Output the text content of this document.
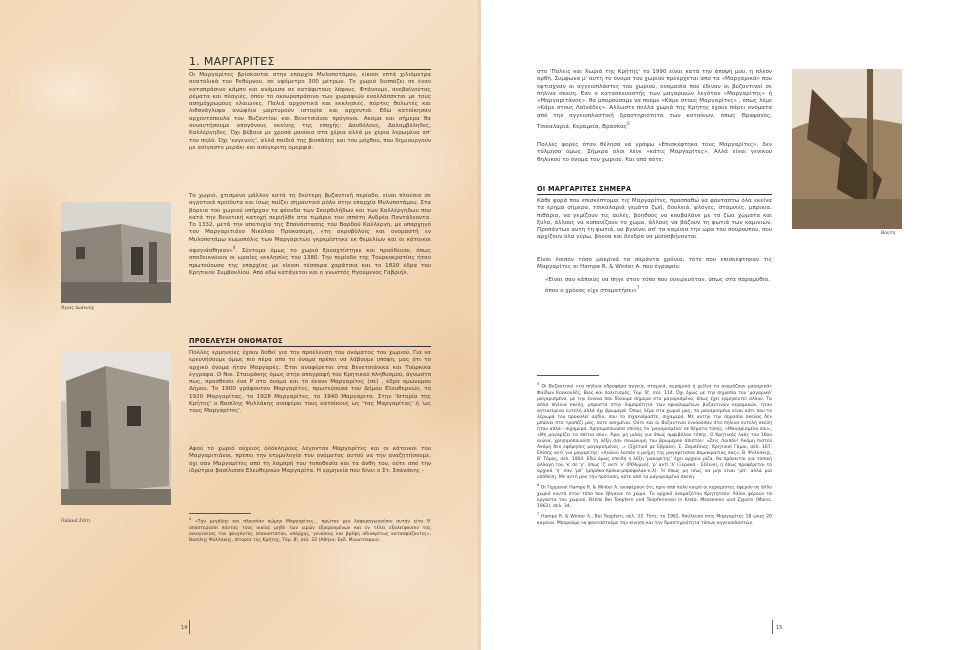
1. ΜΑΡΓΑΡΙΤΕΣ

Οι Μαργαρίτες βρίσκονται στην επαρχία Μυλοποτάμου, είκοσι επτά χιλιόμετρα ανατολικά του Ρεθύμνου, σε υψόμετρο 300 μέτρων. Το χωριό δεσπόζει σε έναν καταπράσινο κάμπο και ανάμεσα σε κατάφυτους λόφους. Φτάνουμε, ανεβαίνοντας ρέματα και πλαγιές, όπου το οκουροπράσινο των χωραφιών εναλλάσσεται με τους ασημόχρωμους ελαιώνες. Παλιά αρχοντικά και εκκλησιές, πόρτες θολωτές και λιθανάγλυφα ανώφλια μαρτυρούν ιστορία και αρχοντιά. Εδώ κατοίκησαν αρχοντόπουλα του Βυζαντίου και Βενετσιάνοι πρόγονοι. Ακόμα και σήμερα θα συναντήσουμε απογόνους εκείνης της εποχής: Δανδόλους, Δαλαμβέληδες, Καλλέργηδες. Όχι βέβαια με χρυσά μανίκια στα χέρια αλλά με χέρια λερωμένα απ' τον πηλό. Όχι 'ευγενείς', αλλά παιδιά της βιοπάλης και του μόχθου, που δημιουργούν με ασίγαστο μεράκι και ασύγκριτη ομορφιά.

Το χωριό, χτισμένο μάλλον κατά τη δεύτερη βυζαντινή περίοδο, είναι πλούσιο σε αγροτικά προϊόντα και ίσως παίζει σημαντικό ρόλο στην επαρχία Μυλοποτάμου. Στα βόρεια του χωριού υπήρχαν τα φέουδα των Σκορδιλήδων και των Καλλέργηδων που κατά την Βενετική κατοχή περιήλθε στο τιμάριο του ιππότη Ανδρέα Παντάλεοντα. Το 1332, μετά την αποτυχία της Επανάστασης του Βαρδού Καλλέργη, με υπαρχηγό τον Μαργαριτιάνο Νικόλαο Προκοσύρη, «τη ακροβόλοις και ονομαστή εν Μυλοποτάμω κωμοπόλις των Μαργαριτών γκρεμίστηκε εκ θεμελίων και οι κάτοικοι σφαγιάσθηκαν»$^4$. Σύντομα όμως το χωριό ξαναχτίστηκε και προόδευσε, όπως αποδεικνύουν οι ωραίες εκκλησίες του 1380. Την περίοδο της Τουρκοκρατίας ήταν πρωτεύουσα της επαρχίας με είκοσι τέσσερα χαράτσια και το 1820 έδρα του Κρητικού Συμβουλίου. Από εδώ κατάγεται και ο γνωστός Ηγούμενος Γαβριήλ.

Άγιος Ιωάννης
ΠΡΟΕΛΕΥΣΗ ΟΝΟΜΑΤΟΣ

Πολλές ερμηνείες έχουν δοθεί για την προέλευση του ονόματος του χωριού. Για να ερευνήσουμε όμως πιο πέρα από το όνομα πρέπει να λάβουμε υπόψη, μας ότι το αρχικό όνομα ήταν Μαργαρές. Έτσι αναφέρεται στα Βενετσιάνικα και Τούρκικα έγγραφα. Ο Νικ. Σταυράκης όμως στην απογραφή του Κρητικού πληθυσμού, άγνωστο πως, προσθέσει ένα Ρ στο όνομα και το έκανε Μαργαρίτες (σε) , έδρα ομώνυμου Δήμου. Το 1900 γράφονταν Μαργαρίτες, πρωτεύουσα του Δήμου Ελευθερνών, το 1920 Μαργαρίτας, το 1928 Μαργαρίτες, το 1940 Μαργαριτα. Στην 'Ιστορία της Κρήτης' ο Βασίλης Ψυλλάκης αναφέρει τους κατοίκους ως 'τας Μαργαρίτας' ή 'ως τους Μαργαρίτες'.

Αφού το χωριό ούχειος ολόκληρους λέγονταν Μαργαρίτες και οι κάτοικοι του Μαργαριτιάνοι, πρέπει την ετυμολογία του ονόματος αυτού να την αναζητήσουμε, όχι σαν Μαργαρίτες από τη λαμπρή του τοποθεσία και τα άνθη του, ούτε από την ιδρύτρια βασίλισσα Ελευθερνών Μαργαρίτα. Η ερμηνεία που δίνει ο Στ. Σπανάκης -

Παλαιό Σπίτι	$^4$ «Την μεγάλην και πλουσίαν κώμην Μαργαρίτες... πρώτον μεν λαφυραγωγούσιν αυτήν είτα δ' αποστερούσι πάντας τους οικίας μηδέ των ιερών εξαιρουμένων και εν τέλει εξαλείφουσιν τας οικογενείας του φευγόντος επαναστάτου, υπάρχης, γυναίκας και βρέφη αδιακρίτως κατασφάζοντες», Βασίλης Ψυλλάκης, Ιστορία της Κρήτης, Τόμ. Β', σελ. 22 (Αθήνα: Εκδ. Μινωτσαρου).

14

στο 'Πόλεις και Χωριά της Κρήτης' το 1990 είναι κατά την άποψή μου, η πλέον ορθή. Συμφωνα μ' αυτή το όνομα του χωριού προέρχεται απο τα «Μαργαρικά» που εφτιαχναν οι αγγειοπλάστες του χωριού, ονομασία που έδιναν οι βυζαντινοί σε πήλινα σκεύη. Εαν ο κατασκευαστής των μαγαρικών λεγόταν «Μαργαρίτης» ή «Μαργαριτάνος», θα μπορούσαμε να πούμε «Κάμε στους Μαργαρίτες» , όπως λέμε «Κάμε στους Λαϊνάδες». Αλλωστε πολλά χωριά της Κρήτης έχουν πάρει ονόματα από την αγγειοπλαστική δραστηριότητα των κατοίκων, όπως Θραψανός, Τσικαλαριά, Κεραμεία, Βρασκας$^6$

Πολλές φορές όταν θέλησα να γράψω «Επισκέφτηκα τους Μαργαρίτες», δεν τόλμησα όμως. Σήμερα όλοι λένε «κάτις Μαργαρίτες». Αλλά είναι γενικού θηλυκού το όνομα του χωριού. Και από πότε;

ΟΙ ΜΑΡΓΑΡΙΤΕΣ ΣΗΜΕΡΑ

Κάθε φορά που επισκέπτομαι τις Μαργαρίτες, προσπαθώ να φανταστώ όλα εκείνα τα έρημα σήμερα, τσικαλαριά γεμάτα ζωή, δουλειά, φλόγες, σταμνιες, μπρικια, πιθάρια, να γεμίζουν τις αυλές, βοηθούς να κουβαλάνε με τα ζώα χώματα και ξύλα, άλλους να κοπανίζουν το χώμα, άλλους να βάζουν τη φωτιά των καμινιών. Προπάντων αυτή τη φωτιά, να βγαίνει απ' τα καμίνια την ώρα του σούρουπου, που αρχίζουν όλα γύρω, βουνα και δένδρα να μισοσβήνονται.

Είναι λοιπόν τόσο μακρινά τα σαράντα χρόνια; τότε που επισκέφτηκαν τις Μαργαρίτες οι Hampe R. & Winter A. που έγραψαν:

«Είναι σαν κάποιος να πηγε στον τόπο που ονειρευόταν, όπως στα παραμύθια, όπου ο χρόνος είχε σταματήσει»$^7$

Βούτη

$^5$ Οι Βυζαντινοί «τα πήλινα υδροφόρα αγγεία, σταμνιά, κεραμικά ή χείλια τα ονομάζουν μαγαρικά» Φαίδων Κουκουλές, Βίος και πολιτισμός, Τομ. Β', σελ. 114. Όχι όμως με την σημασία του 'μαγαρικό' μαγαρισμένο, με την έννοια που δίνουμε σήμερα στο μαγαρισμένο, όπως έχει ερμηνευτεί αλλού. Τα απλά πήλινα σκεύη, μπροστά στην λαμπρότητα των εφυαλωμένων βυζαντινών κεραμικών, ήταν αντικείμενα ευτελή αλλά όχι βρωμερά. Όπως λέμε στα χωριά μας, το μαγαρισμένο είναι κάτι που το λέρωμά του προκαλεί αηδία, που το σιχαινόμαστε, σιχαμερό. Με αυτήν την σημασία σκεύος δεν μπαίνει στο τραπέζι μας, ούτε ασημένιο. Ούτε και οι Βυζαντινοί εννοούσαν στα πήλινα ευτελή σκεύη ήταν απλά - σιχαμερά. Χρησιμοποιούσε επίσης το 'μαγαρισμένο' σε θέματα τύπης: «Μαγαρισμένο σου», «Μη μαγαρίζει τα σπίτια σου». Άρα, μη μιλάς για όπως αμφιβόλου τύπης. Ο Κρητικός λαός του 16ου αιώνα, χρησιμοποιούσε τη λέξη σαν συνώνυμη του βρωμερού άπιστου: «Ζεις Λοιπόν! Ακόμη πιστεύ Ακόμη δεν εφόρησες μαγαρισμένες...» (Σχετικό με Εβραίο), Σ. Ζαμπέλιος, Κρητικοί Γάμοι, σελ. 167. Επίσης αντί για μαγαρίτης: «Αιώνιο λοιπόν η μνήμη της μαγαρίτισσα Δημοκρατίας σας», Β. Ψυλλάκης, Β' Τόμος, σελ. 1004. Εδώ όμως επειδή η λέξη 'μακαρίτης' έχει αρχαία ρίζα, θα πρόκειται για τοπική αλλαγή του 'κ' σε 'γ', όπως 'ζ' αντί 'ν' (Ρέθυμνο), 'ρ' αντί 'λ' (Ξερακά - Σέλινο), ή όπως προφέρεται το αρχικό 'η' σαν 'μπ' (μπρόκα-πρόκα-μπροφυλακ-κ.λ). Ή όπως μη ίσως να μην είναι 'μπ', αλλά μια υπόθεση. Με αυτή μου την πρόταση, ούτε από τα μαγαρισμένα σκεύη.

$^6$ Οι Γερμανοί Hampe R. & Winter A. αναφέρουν ότι, πριν από πολύ καιρό οι κεραμίστες έφεραν σε άλλο χωριό κοντά στον τόπο που έβγαινε το χώμα. Το αρχικό ονομαζόταν Κρητητούν. Άλλοι φέρουν τα εργάστα του χωριού. Βλέπε Bei Toepfern und Toepferinnen in Kreta, Messenien und Zypern (Mainz, 1962), σελ. 34.

$^7$ Hampe R. & Winter A., Bei Toepfern, σελ. 33. Τότε, το 1962, δούλευαν στις Μαργαρίτες 18 ώνες 20 καμίνια. Μπορούμε να φανταστούμε την κίνηση και την δραστηριότητα τόσων αγγειοπλαστών.

15
